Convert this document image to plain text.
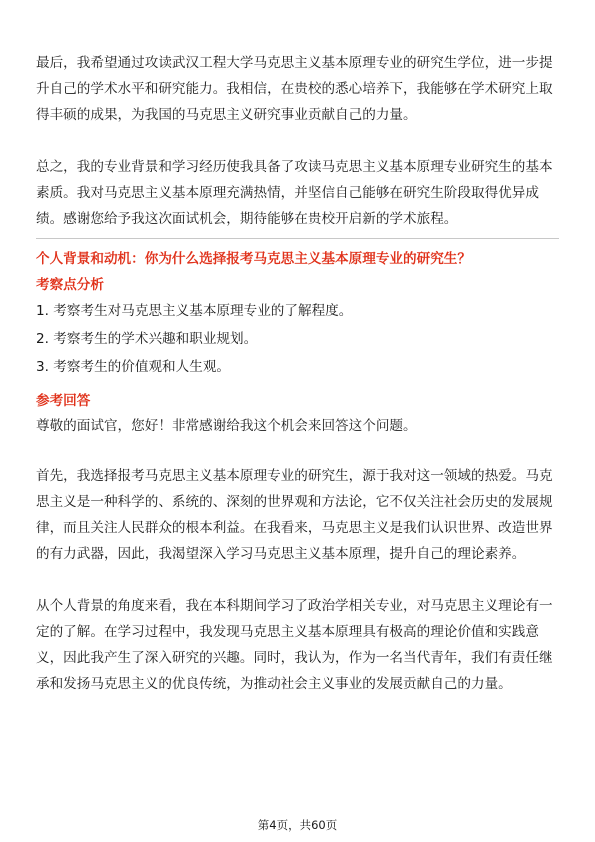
最后，我希望通过攻读武汉工程大学马克思主义基本原理专业的研究生学位，进一步提升自己的学术水平和研究能力。我相信，在贵校的悉心培养下，我能够在学术研究上取得丰硕的成果，为我国的马克思主义研究事业贡献自己的力量。

总之，我的专业背景和学习经历使我具备了攻读马克思主义基本原理专业研究生的基本素质。我对马克思主义基本原理充满热情，并坚信自己能够在研究生阶段取得优异成绩。感谢您给予我这次面试机会，期待能够在贵校开启新的学术旅程。

个人背景和动机：你为什么选择报考马克思主义基本原理专业的研究生？

考察点分析

1. 考察考生对马克思主义基本原理专业的了解程度。

2. 考察考生的学术兴趣和职业规划。

3. 考察考生的价值观和人生观。

参考回答

尊敬的面试官，您好！非常感谢给我这个机会来回答这个问题。

首先，我选择报考马克思主义基本原理专业的研究生，源于我对这一领域的热爱。马克思主义是一种科学的、系统的、深刻的世界观和方法论，它不仅关注社会历史的发展规律，而且关注人民群众的根本利益。在我看来，马克思主义是我们认识世界、改造世界的有力武器，因此，我渴望深入学习马克思主义基本原理，提升自己的理论素养。

从个人背景的角度来看，我在本科期间学习了政治学相关专业，对马克思主义理论有一定的了解。在学习过程中，我发现马克思主义基本原理具有极高的理论价值和实践意义，因此我产生了深入研究的兴趣。同时，我认为，作为一名当代青年，我们有责任继承和发扬马克思主义的优良传统，为推动社会主义事业的发展贡献自己的力量。

第4页，共60页
